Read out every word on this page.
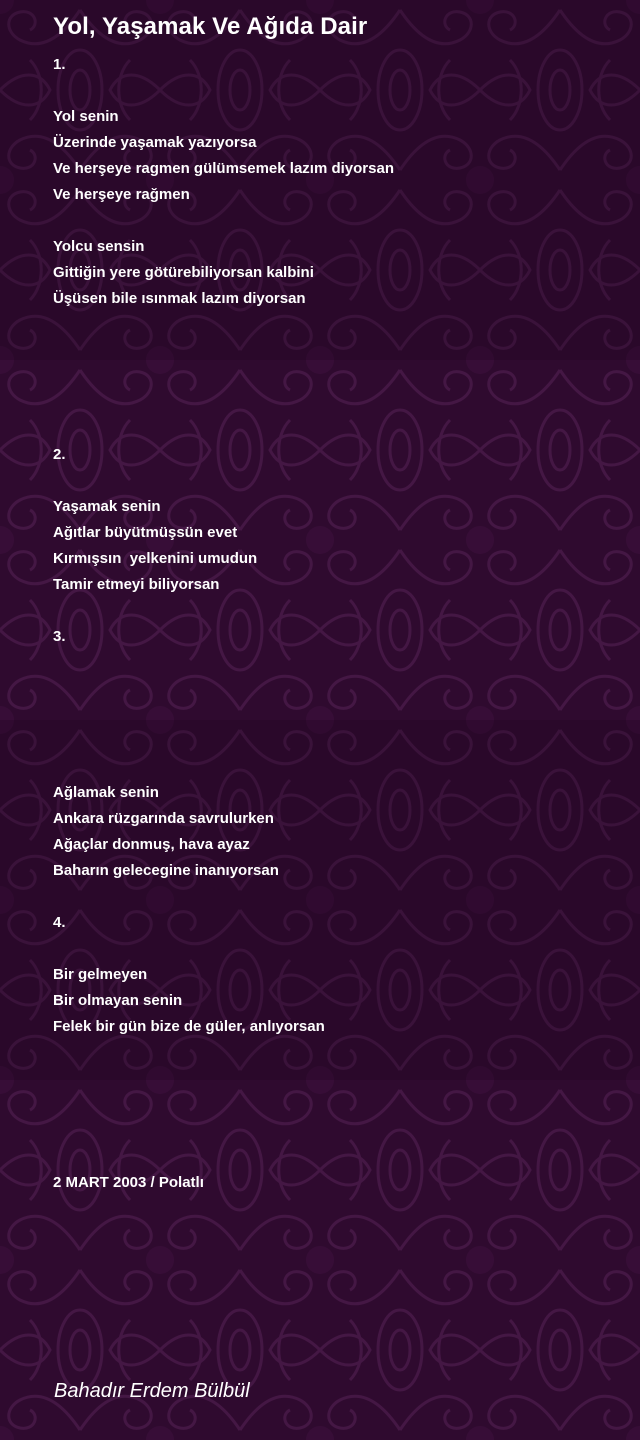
Yol, Yaşamak Ve Ağıda Dair
1.
Yol senin
Üzerinde yaşamak yazıyorsa
Ve herşeye ragmen gülümsemek lazım diyorsan
Ve herşeye rağmen
Yolcu sensin
Gittiğin yere götürebiliyorsan kalbini
Üşüsen bile ısınmak lazım diyorsan
2.
Yaşamak senin
Ağıtlar büyütmüşsün evet
Kırmışsın  yelkenini umudun
Tamir etmeyi biliyorsan
3.
Ağlamak senin
Ankara rüzgarında savrulurken
Ağaçlar donmuş, hava ayaz
Baharın gelecegine inanıyorsan
4.
Bir gelmeyen
Bir olmayan senin
Felek bir gün bize de güler, anlıyorsan
2 MART 2003 / Polatlı
Bahadır Erdem Bülbül
